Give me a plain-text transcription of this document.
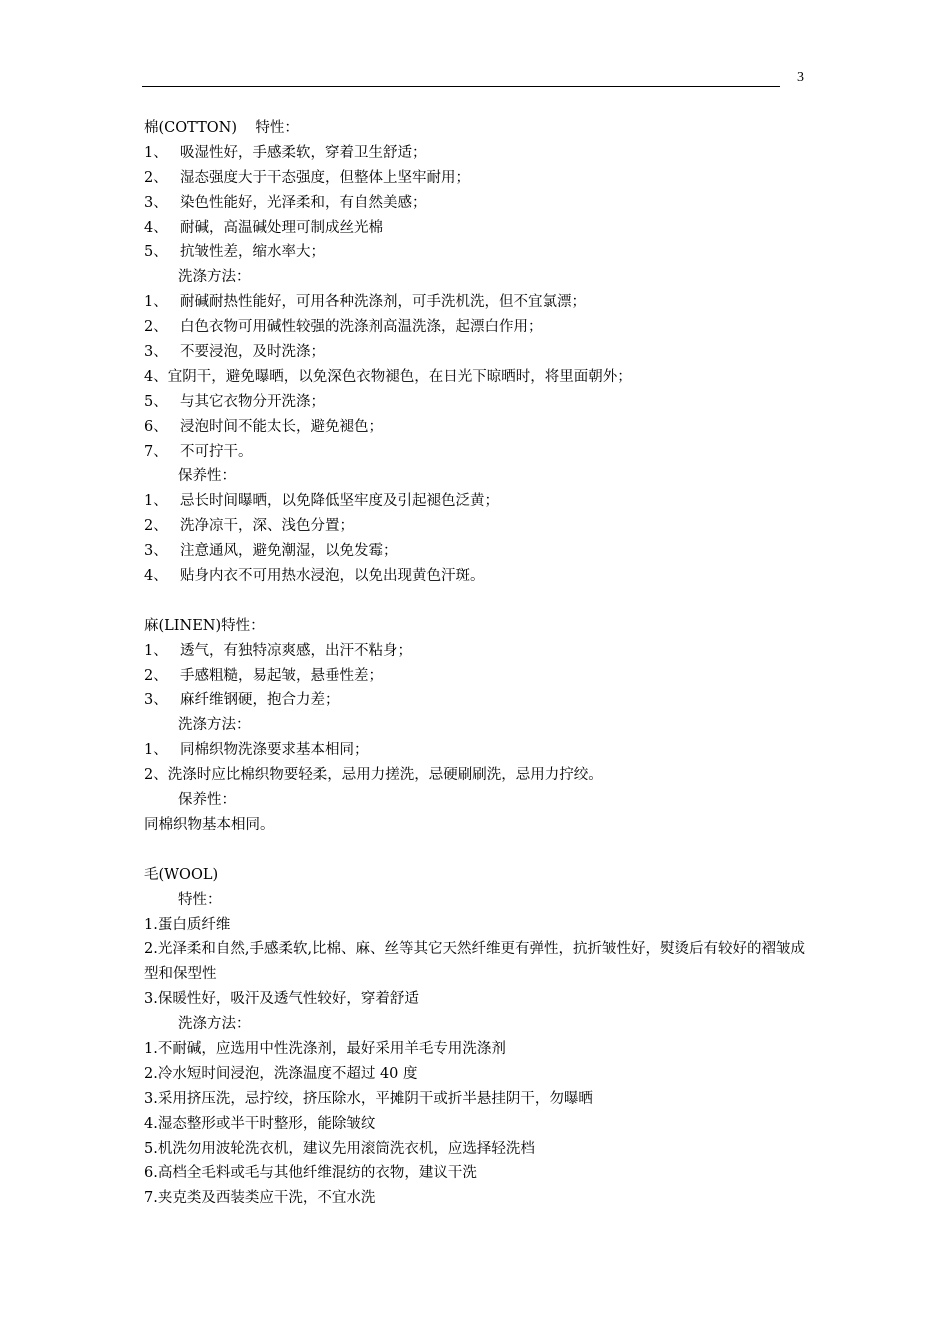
3
棉(COTTON)    特性：
1、 吸湿性好，手感柔软，穿着卫生舒适；
2、 湿态强度大于干态强度，但整体上坚牢耐用；
3、 染色性能好，光泽柔和，有自然美感；
4、 耐碱，高温碱处理可制成丝光棉
5、 抗皱性差，缩水率大；
洗涤方法：
1、 耐碱耐热性能好，可用各种洗涤剂，可手洗机洗，但不宜氯漂；
2、 白色衣物可用碱性较强的洗涤剂高温洗涤，起漂白作用；
3、 不要浸泡，及时洗涤；
4、宜阴干，避免曝晒，以免深色衣物褪色，在日光下晾晒时，将里面朝外；
5、 与其它衣物分开洗涤；
6、 浸泡时间不能太长，避免褪色；
7、 不可拧干。
保养性：
1、 忌长时间曝晒，以免降低坚牢度及引起褪色泛黄；
2、 洗净凉干，深、浅色分置；
3、 注意通风，避免潮湿，以免发霉；
4、 贴身内衣不可用热水浸泡，以免出现黄色汗斑。
麻(LINEN)特性：
1、 透气，有独特凉爽感，出汗不粘身；
2、 手感粗糙，易起皱，悬垂性差；
3、 麻纤维钢硬，抱合力差；
洗涤方法：
1、 同棉织物洗涤要求基本相同；
2、洗涤时应比棉织物要轻柔，忌用力搓洗，忌硬刷刷洗，忌用力拧绞。
保养性：
同棉织物基本相同。
毛(WOOL)
特性：
1.蛋白质纤维
2.光泽柔和自然,手感柔软,比棉、麻、丝等其它天然纤维更有弹性，抗折皱性好，熨烫后有较好的褶皱成型和保型性
3.保暖性好，吸汗及透气性较好，穿着舒适
洗涤方法：
1.不耐碱，应选用中性洗涤剂，最好采用羊毛专用洗涤剂
2.冷水短时间浸泡，洗涤温度不超过 40 度
3.采用挤压洗，忌拧绞，挤压除水，平摊阴干或折半悬挂阴干，勿曝晒
4.湿态整形或半干时整形，能除皱纹
5.机洗勿用波轮洗衣机，建议先用滚筒洗衣机，应选择轻洗档
6.高档全毛料或毛与其他纤维混纺的衣物，建议干洗
7.夹克类及西装类应干洗，不宜水洗
